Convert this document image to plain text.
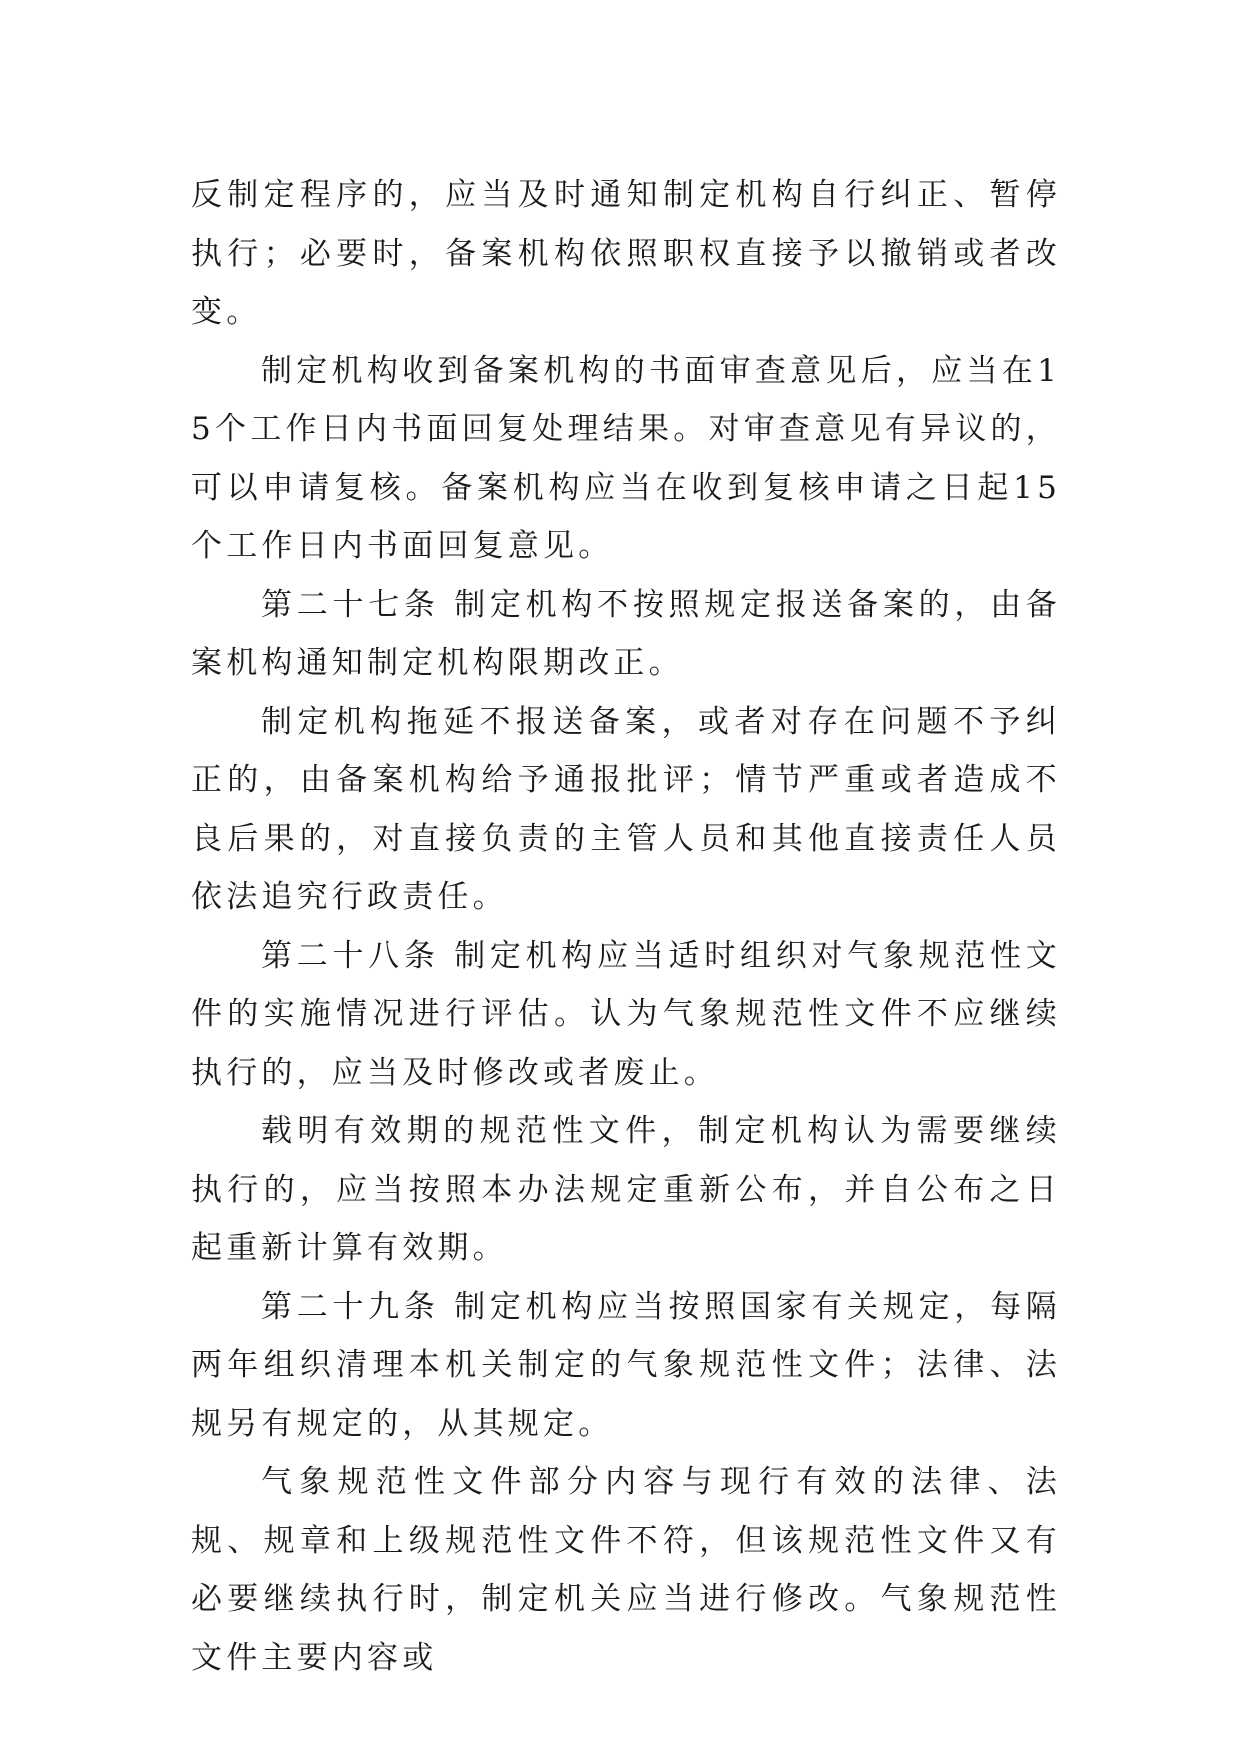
反制定程序的，应当及时通知制定机构自行纠正、暂停执行；必要时，备案机构依照职权直接予以撤销或者改变。

制定机构收到备案机构的书面审查意见后，应当在15个工作日内书面回复处理结果。对审查意见有异议的，可以申请复核。备案机构应当在收到复核申请之日起15个工作日内书面回复意见。

第二十七条 制定机构不按照规定报送备案的，由备案机构通知制定机构限期改正。

制定机构拖延不报送备案，或者对存在问题不予纠正的，由备案机构给予通报批评；情节严重或者造成不良后果的，对直接负责的主管人员和其他直接责任人员依法追究行政责任。

第二十八条 制定机构应当适时组织对气象规范性文件的实施情况进行评估。认为气象规范性文件不应继续执行的，应当及时修改或者废止。

载明有效期的规范性文件，制定机构认为需要继续执行的，应当按照本办法规定重新公布，并自公布之日起重新计算有效期。

第二十九条 制定机构应当按照国家有关规定，每隔两年组织清理本机关制定的气象规范性文件；法律、法规另有规定的，从其规定。

气象规范性文件部分内容与现行有效的法律、法规、规章和上级规范性文件不符，但该规范性文件又有必要继续执行时，制定机关应当进行修改。气象规范性文件主要内容或
